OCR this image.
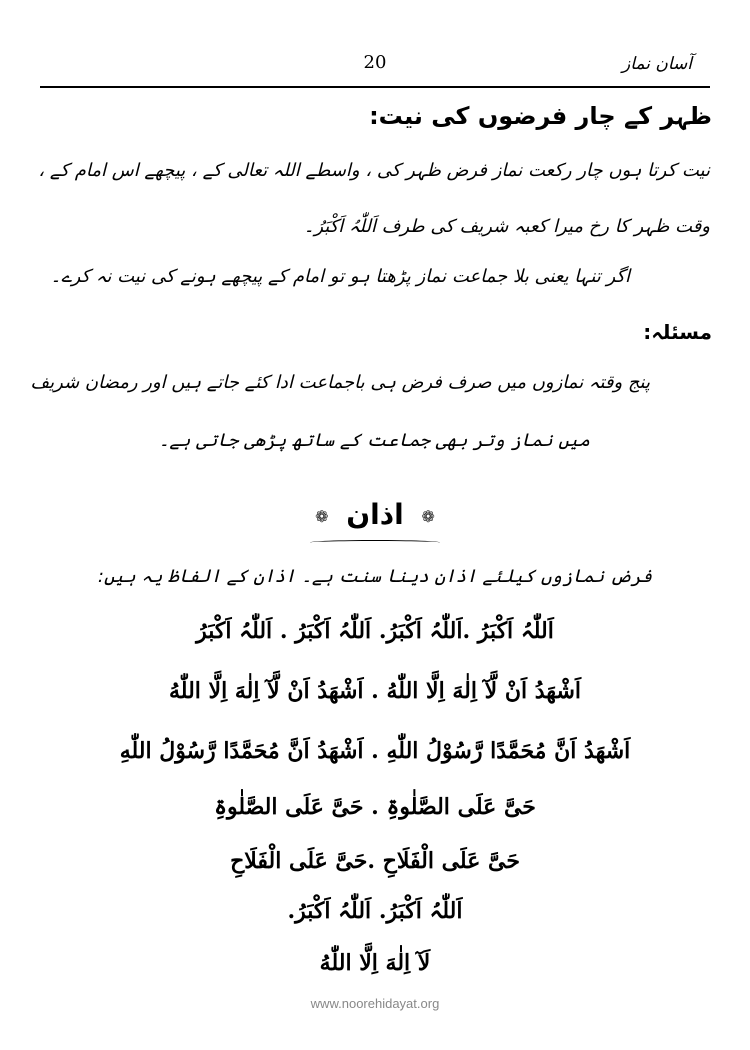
آسان نماز
20
ظہر کے چار فرضوں کی نیت:
نیت کرتا ہوں چار رکعت نماز فرض ظہر کی ، واسطے اللہ تعالی کے ، پیچھے اس امام کے ،
وقت ظہر کا رخ میرا کعبہ شریف کی طرف اَللّٰہُ اَکْبَرُ۔
اگر تنہا یعنی بلا جماعت نماز پڑھتا ہو تو امام کے پیچھے ہونے کی نیت نہ کرے۔
مسئلہ:
پنج وقتہ نمازوں میں صرف فرض ہی باجماعت ادا کئے جاتے ہیں اور رمضان شریف
میں نماز وتر بھی جماعت کے ساتھ پڑھی جاتی ہے۔
❁ اذان ❁
فرض نمازوں کیلئے اذان دینا سنت ہے۔ اذان کے الفاظ یہ ہیں:
اَللّٰہُ اَکْبَرُ .اَللّٰہُ اَکْبَرُ. اَللّٰہُ اَکْبَرُ . اَللّٰہُ اَکْبَرُ
اَشْھَدُ اَنْ لَّآ اِلٰهَ اِلَّا اللّٰهُ . اَشْھَدُ اَنْ لَّآ اِلٰهَ اِلَّا اللّٰهُ
اَشْھَدُ اَنَّ مُحَمَّدًا رَّسُوْلُ اللّٰهِ . اَشْھَدُ اَنَّ مُحَمَّدًا رَّسُوْلُ اللّٰهِ
حَیَّ عَلَی الصَّلٰوۃِ . حَیَّ عَلَی الصَّلٰوۃِ
حَیَّ عَلَی الْفَلَاحِ .حَیَّ عَلَی الْفَلَاحِ
اَللّٰہُ اَکْبَرُ. اَللّٰہُ اَکْبَرُ.
لَآ اِلٰهَ اِلَّا اللّٰهُ
www.noorehidayat.org
